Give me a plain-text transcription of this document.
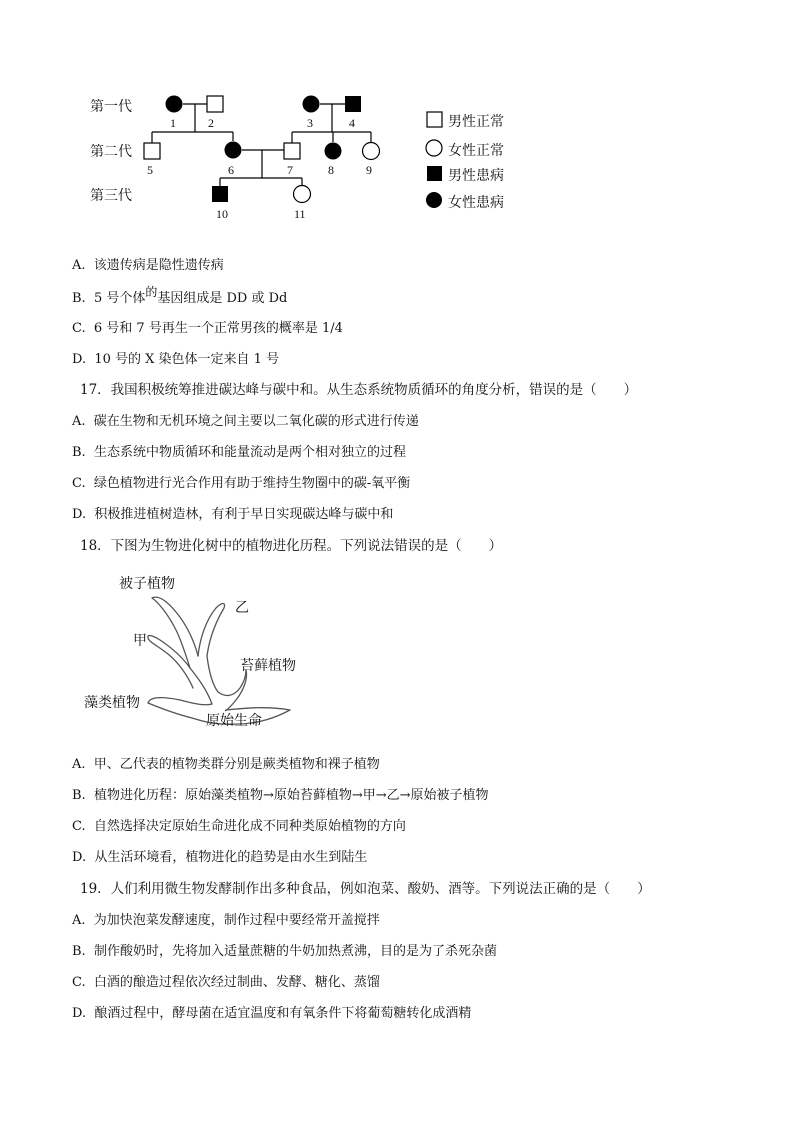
第一代
第二代
第三代
1	2	3	4
5	6	7	8	9
10	11
男性正常
女性正常
男性患病
女性患病
A. 该遗传病是隐性遗传病
B. 5 号个体的基因组成是 DD 或 Dd
C. 6 号和 7 号再生一个正常男孩的概率是 1/4
D. 10 号的 X 染色体一定来自 1 号
17．我国积极统筹推进碳达峰与碳中和。从生态系统物质循环的角度分析，错误的是（　　）
A. 碳在生物和无机环境之间主要以二氧化碳的形式进行传递
B. 生态系统中物质循环和能量流动是两个相对独立的过程
C. 绿色植物进行光合作用有助于维持生物圈中的碳-氧平衡
D. 积极推进植树造林，有利于早日实现碳达峰与碳中和
18．下图为生物进化树中的植物进化历程。下列说法错误的是（　　）
被子植物
乙
甲
苔藓植物
藻类植物
原始生命
A. 甲、乙代表的植物类群分别是蕨类植物和裸子植物
B. 植物进化历程：原始藻类植物→原始苔藓植物→甲→乙→原始被子植物
C. 自然选择决定原始生命进化成不同种类原始植物的方向
D. 从生活环境看，植物进化的趋势是由水生到陆生
19．人们利用微生物发酵制作出多种食品，例如泡菜、酸奶、酒等。下列说法正确的是（　　）
A. 为加快泡菜发酵速度，制作过程中要经常开盖搅拌
B. 制作酸奶时，先将加入适量蔗糖的牛奶加热煮沸，目的是为了杀死杂菌
C. 白酒的酿造过程依次经过制曲、发酵、糖化、蒸馏
D. 酿酒过程中，酵母菌在适宜温度和有氧条件下将葡萄糖转化成酒精
